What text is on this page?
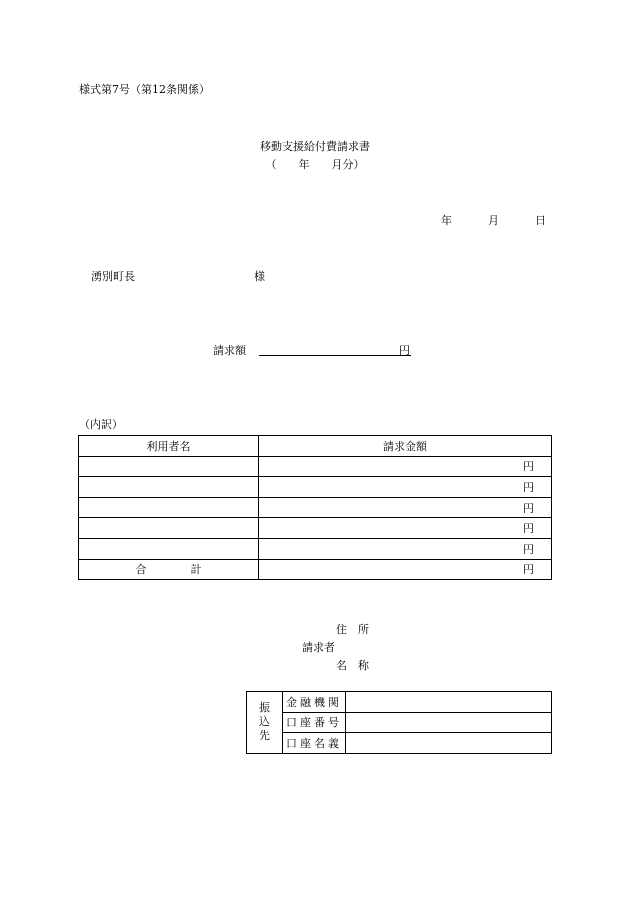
様式第7号（第12条関係）
移動支援給付費請求書
（　　年　　月分）
年	月	日
湧別町長	様
請求額	円
（内訳）
利用者名	請求金額
	円
	円
	円
	円
	円
合 計	円
住　所
請求者
名　称
振
込
先	金融機関	
	口座番号	
	口座名義	
